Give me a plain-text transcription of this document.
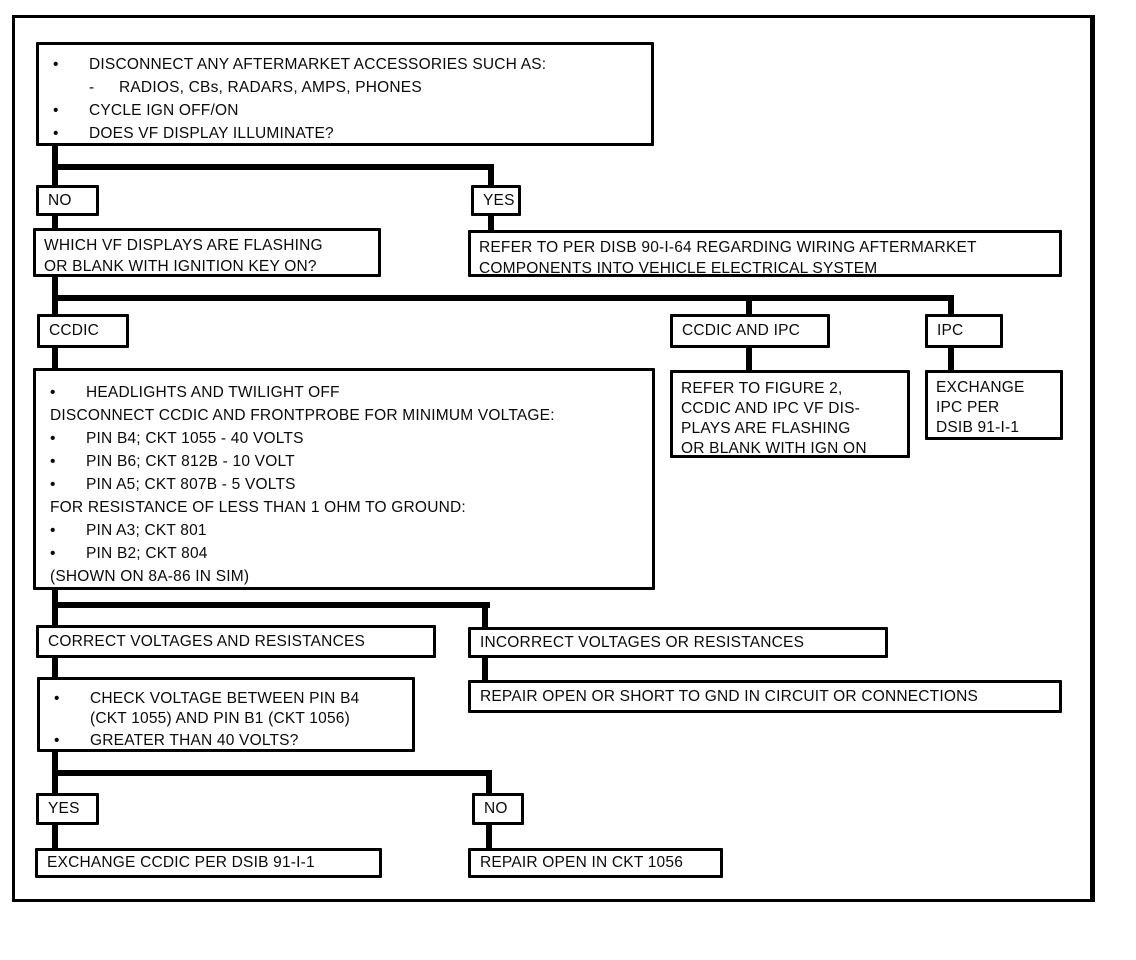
•	DISCONNECT ANY AFTERMARKET ACCESSORIES SUCH AS:
-	RADIOS, CBs, RADARS, AMPS, PHONES
•	CYCLE IGN OFF/ON
•	DOES VF DISPLAY ILLUMINATE?
NO	YES
WHICH VF DISPLAYS ARE FLASHING
OR BLANK WITH IGNITION KEY ON?
REFER TO PER DISB 90-I-64 REGARDING WIRING AFTERMARKET
COMPONENTS INTO VEHICLE ELECTRICAL SYSTEM
CCDIC	CCDIC AND IPC	IPC
•	HEADLIGHTS AND TWILIGHT OFF
DISCONNECT CCDIC AND FRONTPROBE FOR MINIMUM VOLTAGE:
•	PIN B4; CKT 1055 - 40 VOLTS
•	PIN B6; CKT 812B - 10 VOLT
•	PIN A5; CKT 807B - 5 VOLTS
FOR RESISTANCE OF LESS THAN 1 OHM TO GROUND:
•	PIN A3; CKT 801
•	PIN B2; CKT 804
(SHOWN ON 8A-86 IN SIM)
REFER TO FIGURE 2,
CCDIC AND IPC VF DIS-
PLAYS ARE FLASHING
OR BLANK WITH IGN ON
EXCHANGE
IPC PER
DSIB 91-I-1
CORRECT VOLTAGES AND RESISTANCES	INCORRECT VOLTAGES OR RESISTANCES
•	CHECK VOLTAGE BETWEEN PIN B4
(CKT 1055) AND PIN B1 (CKT 1056)
•	GREATER THAN 40 VOLTS?
REPAIR OPEN OR SHORT TO GND IN CIRCUIT OR CONNECTIONS
YES	NO
EXCHANGE CCDIC PER DSIB 91-I-1	REPAIR OPEN IN CKT 1056
